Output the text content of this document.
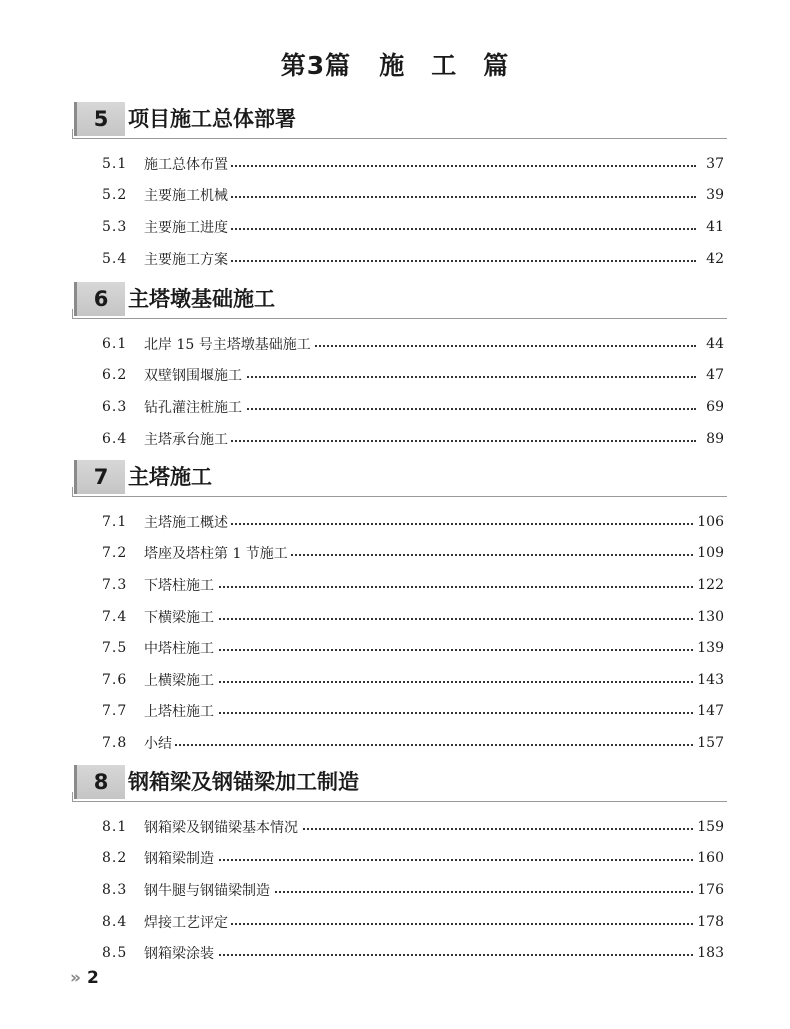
第3篇 施　工　篇
5 项目施工总体部署
5.1	施工总体布置	37
5.2	主要施工机械	39
5.3	主要施工进度	41
5.4	主要施工方案	42
6 主塔墩基础施工
6.1	北岸 15 号主塔墩基础施工	44
6.2	双壁钢围堰施工	47
6.3	钻孔灌注桩施工	69
6.4	主塔承台施工	89
7 主塔施工
7.1	主塔施工概述	106
7.2	塔座及塔柱第 1 节施工	109
7.3	下塔柱施工	122
7.4	下横梁施工	130
7.5	中塔柱施工	139
7.6	上横梁施工	143
7.7	上塔柱施工	147
7.8	小结	157
8 钢箱梁及钢锚梁加工制造
8.1	钢箱梁及钢锚梁基本情况	159
8.2	钢箱梁制造	160
8.3	钢牛腿与钢锚梁制造	176
8.4	焊接工艺评定	178
8.5	钢箱梁涂装	183
» 2
